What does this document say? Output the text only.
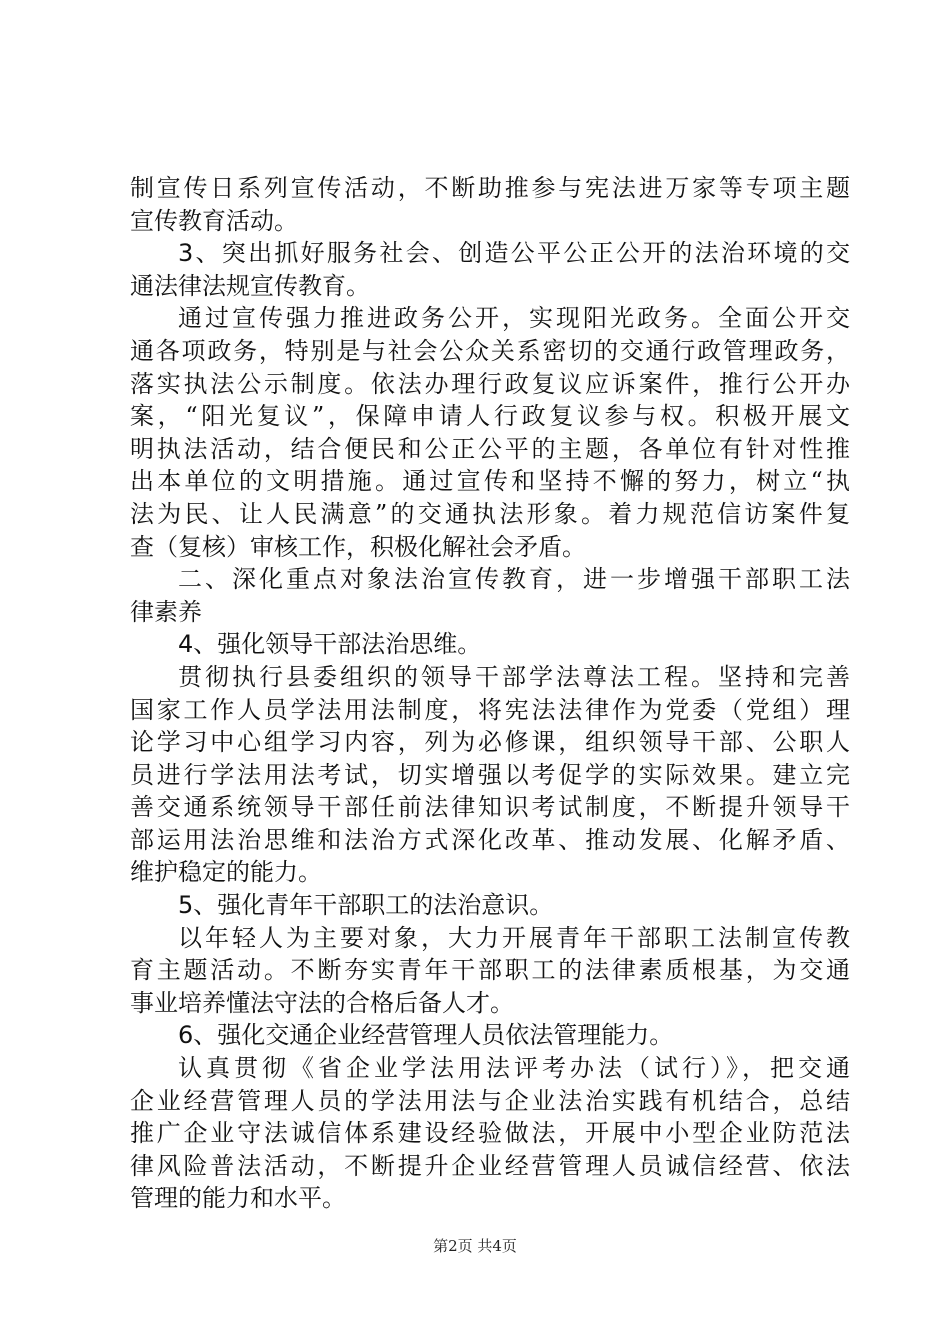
制宣传日系列宣传活动，不断助推参与宪法进万家等专项主题
宣传教育活动。
3、突出抓好服务社会、创造公平公正公开的法治环境的交
通法律法规宣传教育。
通过宣传强力推进政务公开，实现阳光政务。全面公开交
通各项政务，特别是与社会公众关系密切的交通行政管理政务，
落实执法公示制度。依法办理行政复议应诉案件，推行公开办
案，“阳光复议”，保障申请人行政复议参与权。积极开展文
明执法活动，结合便民和公正公平的主题，各单位有针对性推
出本单位的文明措施。通过宣传和坚持不懈的努力，树立“执
法为民、让人民满意”的交通执法形象。着力规范信访案件复
查（复核）审核工作，积极化解社会矛盾。
二、深化重点对象法治宣传教育，进一步增强干部职工法
律素养
4、强化领导干部法治思维。
贯彻执行县委组织的领导干部学法尊法工程。坚持和完善
国家工作人员学法用法制度，将宪法法律作为党委（党组）理
论学习中心组学习内容，列为必修课，组织领导干部、公职人
员进行学法用法考试，切实增强以考促学的实际效果。建立完
善交通系统领导干部任前法律知识考试制度，不断提升领导干
部运用法治思维和法治方式深化改革、推动发展、化解矛盾、
维护稳定的能力。
5、强化青年干部职工的法治意识。
以年轻人为主要对象，大力开展青年干部职工法制宣传教
育主题活动。不断夯实青年干部职工的法律素质根基，为交通
事业培养懂法守法的合格后备人才。
6、强化交通企业经营管理人员依法管理能力。
认真贯彻《省企业学法用法评考办法（试行）》，把交通
企业经营管理人员的学法用法与企业法治实践有机结合，总结
推广企业守法诚信体系建设经验做法，开展中小型企业防范法
律风险普法活动，不断提升企业经营管理人员诚信经营、依法
管理的能力和水平。
第2页 共4页
